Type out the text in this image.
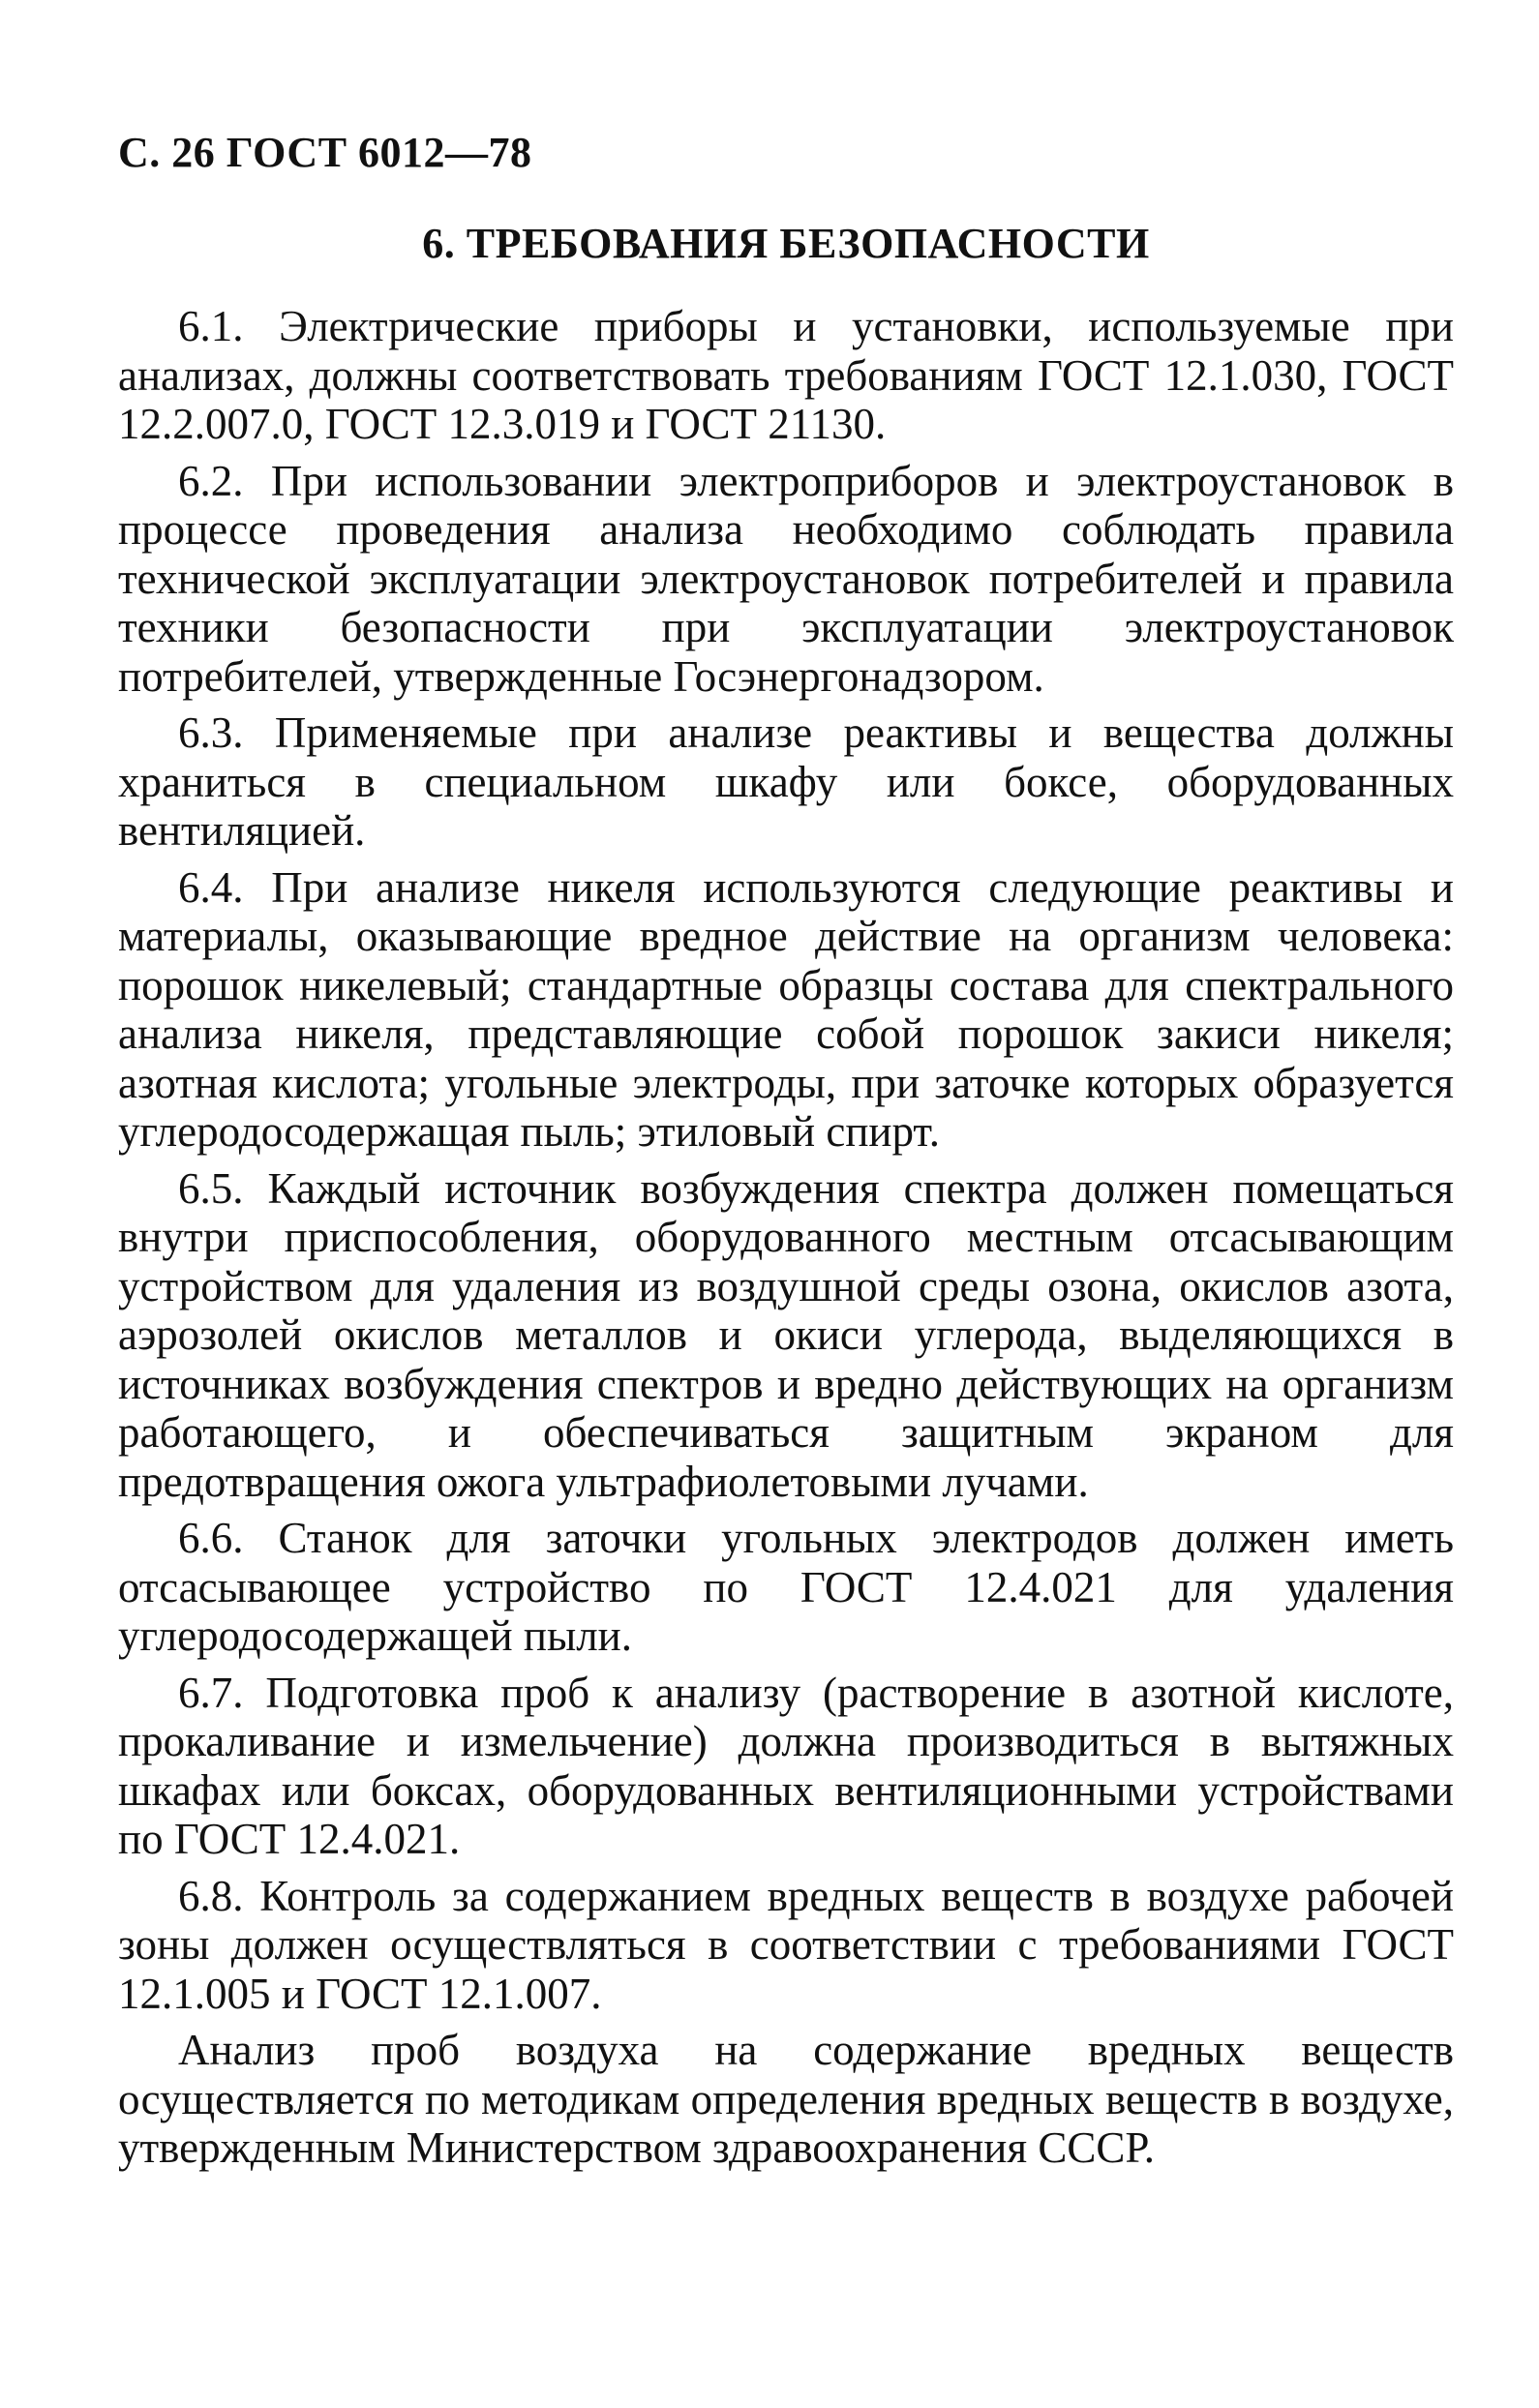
С. 26 ГОСТ 6012—78
6. ТРЕБОВАНИЯ БЕЗОПАСНОСТИ

6.1. Электрические приборы и установки, используемые при анализах, должны соответствовать требованиям ГОСТ 12.1.030, ГОСТ 12.2.007.0, ГОСТ 12.3.019 и ГОСТ 21130.

6.2. При использовании электроприборов и электроустановок в процессе проведения анализа необходимо соблюдать правила технической эксплуатации электроустановок потребителей и правила техники безопасности при эксплуатации электроустановок потребителей, утвержденные Госэнергонадзором.

6.3. Применяемые при анализе реактивы и вещества должны храниться в специальном шкафу или боксе, оборудованных вентиляцией.

6.4. При анализе никеля используются следующие реактивы и материалы, оказывающие вредное действие на организм человека: порошок никелевый; стандартные образцы состава для спектрального анализа никеля, представляющие собой порошок закиси никеля; азотная кислота; угольные электроды, при заточке которых образуется углеродосодержащая пыль; этиловый спирт.

6.5. Каждый источник возбуждения спектра должен помещаться внутри приспособления, оборудованного местным отсасывающим устройством для удаления из воздушной среды озона, окислов азота, аэрозолей окислов металлов и окиси углерода, выделяющихся в источниках возбуждения спектров и вредно действующих на организм работающего, и обеспечиваться защитным экраном для предотвращения ожога ультрафиолетовыми лучами.

6.6. Станок для заточки угольных электродов должен иметь отсасывающее устройство по ГОСТ 12.4.021 для удаления углеродосодержащей пыли.

6.7. Подготовка проб к анализу (растворение в азотной кислоте, прокаливание и измельчение) должна производиться в вытяжных шкафах или боксах, оборудованных вентиляционными устройствами по ГОСТ 12.4.021.

6.8. Контроль за содержанием вредных веществ в воздухе рабочей зоны должен осуществляться в соответствии с требованиями ГОСТ 12.1.005 и ГОСТ 12.1.007.

Анализ проб воздуха на содержание вредных веществ осуществляется по методикам определения вредных веществ в воздухе, утвержденным Министерством здравоохранения СССР.
